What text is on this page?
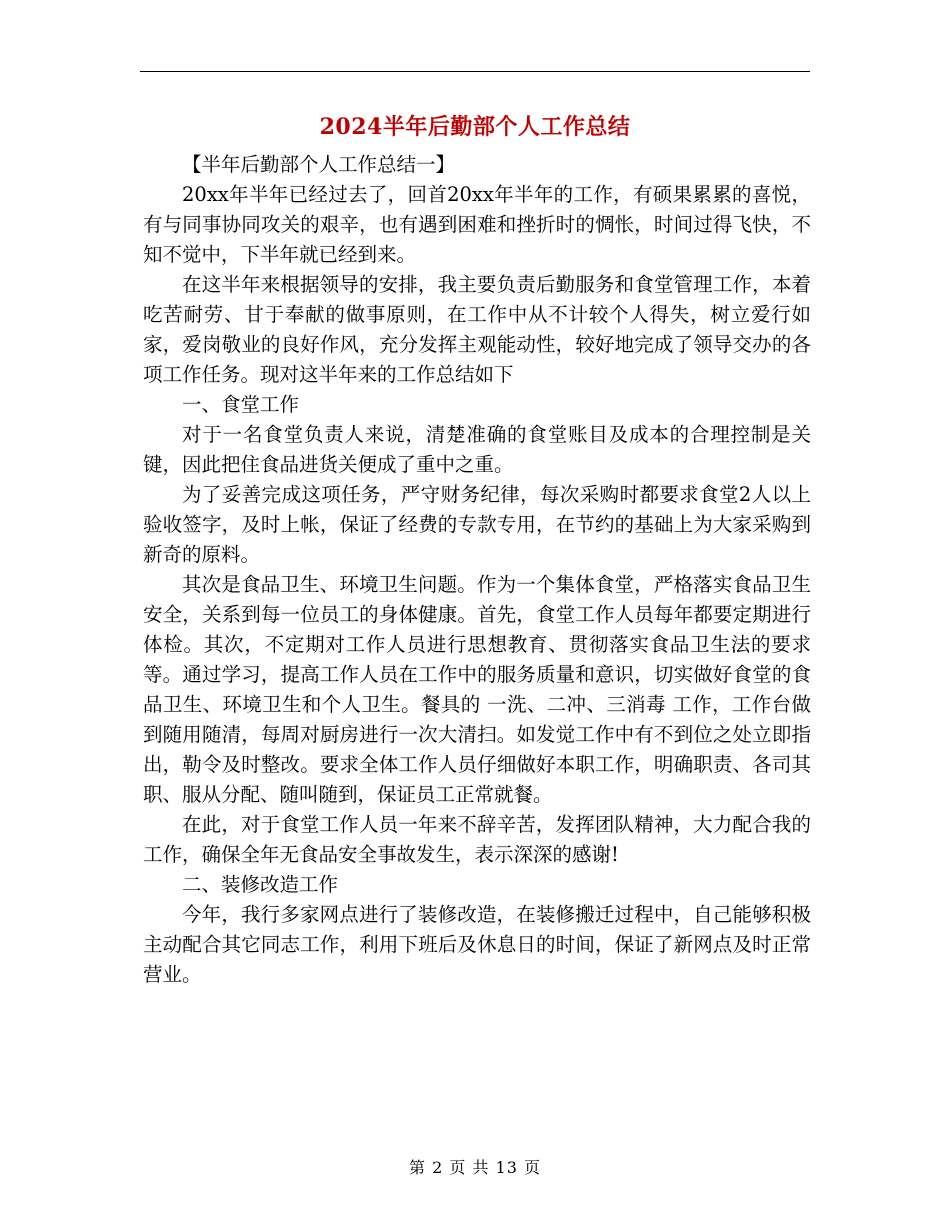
2024半年后勤部个人工作总结

【半年后勤部个人工作总结一】

20xx年半年已经过去了，回首20xx年半年的工作，有硕果累累的喜悦，有与同事协同攻关的艰辛，也有遇到困难和挫折时的惆怅，时间过得飞快，不知不觉中，下半年就已经到来。

在这半年来根据领导的安排，我主要负责后勤服务和食堂管理工作，本着吃苦耐劳、甘于奉献的做事原则，在工作中从不计较个人得失，树立爱行如家，爱岗敬业的良好作风，充分发挥主观能动性，较好地完成了领导交办的各项工作任务。现对这半年来的工作总结如下

一、食堂工作

对于一名食堂负责人来说，清楚准确的食堂账目及成本的合理控制是关键，因此把住食品进货关便成了重中之重。

为了妥善完成这项任务，严守财务纪律，每次采购时都要求食堂2人以上验收签字，及时上帐，保证了经费的专款专用，在节约的基础上为大家采购到新奇的原料。

其次是食品卫生、环境卫生问题。作为一个集体食堂，严格落实食品卫生安全，关系到每一位员工的身体健康。首先，食堂工作人员每年都要定期进行体检。其次，不定期对工作人员进行思想教育、贯彻落实食品卫生法的要求等。通过学习，提高工作人员在工作中的服务质量和意识，切实做好食堂的食品卫生、环境卫生和个人卫生。餐具的 一洗、二冲、三消毒 工作，工作台做到随用随清，每周对厨房进行一次大清扫。如发觉工作中有不到位之处立即指出，勒令及时整改。要求全体工作人员仔细做好本职工作，明确职责、各司其职、服从分配、随叫随到，保证员工正常就餐。

在此，对于食堂工作人员一年来不辞辛苦，发挥团队精神，大力配合我的工作，确保全年无食品安全事故发生，表示深深的感谢!

二、装修改造工作

今年，我行多家网点进行了装修改造，在装修搬迁过程中，自己能够积极主动配合其它同志工作，利用下班后及休息日的时间，保证了新网点及时正常营业。

第 2 页 共 13 页
